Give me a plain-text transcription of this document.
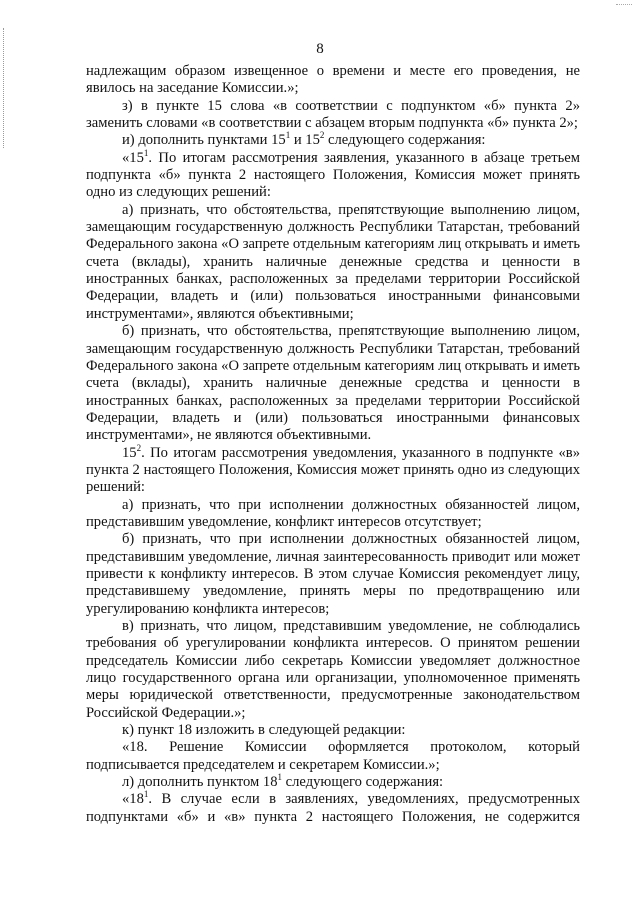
8

надлежащим образом извещенное о времени и месте его проведения, не явилось на заседание Комиссии.»;

з) в пункте 15 слова «в соответствии с подпунктом «б» пункта 2» заменить словами «в соответствии с абзацем вторым подпункта «б» пункта 2»;

и) дополнить пунктами $15^1$ и $15^2$ следующего содержания:

«$15^1$. По итогам рассмотрения заявления, указанного в абзаце третьем подпункта «б» пункта 2 настоящего Положения, Комиссия может принять одно из следующих решений:

а) признать, что обстоятельства, препятствующие выполнению лицом, замещающим государственную должность Республики Татарстан, требований Федерального закона «О запрете отдельным категориям лиц открывать и иметь счета (вклады), хранить наличные денежные средства и ценности в иностранных банках, расположенных за пределами территории Российской Федерации, владеть и (или) пользоваться иностранными финансовыми инструментами», являются объективными;

б) признать, что обстоятельства, препятствующие выполнению лицом, замещающим государственную должность Республики Татарстан, требований Федерального закона «О запрете отдельным категориям лиц открывать и иметь счета (вклады), хранить наличные денежные средства и ценности в иностранных банках, расположенных за пределами территории Российской Федерации, владеть и (или) пользоваться иностранными финансовых инструментами», не являются объективными.

$15^2$. По итогам рассмотрения уведомления, указанного в подпункте «в» пункта 2 настоящего Положения, Комиссия может принять одно из следующих решений:

а) признать, что при исполнении должностных обязанностей лицом, представившим уведомление, конфликт интересов отсутствует;

б) признать, что при исполнении должностных обязанностей лицом, представившим уведомление, личная заинтересованность приводит или может привести к конфликту интересов. В этом случае Комиссия рекомендует лицу, представившему уведомление, принять меры по предотвращению или урегулированию конфликта интересов;

в) признать, что лицом, представившим уведомление, не соблюдались требования об урегулировании конфликта интересов. О принятом решении председатель Комиссии либо секретарь Комиссии уведомляет должностное лицо государственного органа или организации, уполномоченное применять меры юридической ответственности, предусмотренные законодательством Российской Федерации.»;

к) пункт 18 изложить в следующей редакции:

«18. Решение Комиссии оформляется протоколом, который подписывается председателем и секретарем Комиссии.»;

л) дополнить пунктом $18^1$ следующего содержания:

«$18^1$. В случае если в заявлениях, уведомлениях, предусмотренных подпунктами «б» и «в» пункта 2 настоящего Положения, не содержится
